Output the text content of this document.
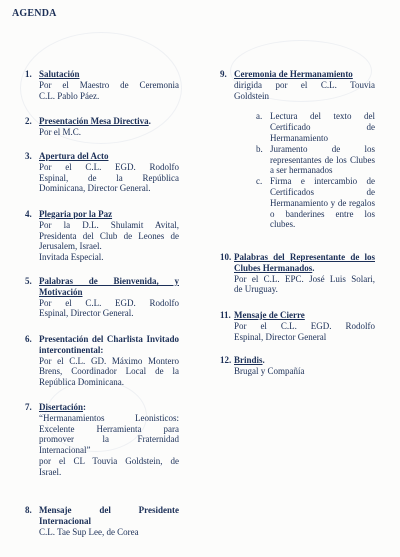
AGENDA
1. Salutación
Por el Maestro de Ceremonia
C.L. Pablo Páez.
2. Presentación Mesa Directiva.
Por el M.C.
3. Apertura del Acto
Por el C.L. EGD. Rodolfo
Espinal, de la República
Dominicana, Director General.
4. Plegaria por la Paz
Por la D.L. Shulamit Avital,
Presidenta del Club de Leones de
Jerusalem, Israel.
Invitada Especial.
5. Palabras de Bienvenida, y Motivación
Por el C.L. EGD. Rodolfo
Espinal, Director General.
6. Presentación del Charlista Invitado intercontinental:
Por el C.L. GD. Máximo Montero
Brens, Coordinador Local de la
República Dominicana.
7. Disertación:
“Hermanamientos Leonisticos:
Excelente Herramienta para
promover la Fraternidad
Internacional”
por el CL Touvia Goldstein, de
Israel.
8. Mensaje del Presidente Internacional
C.L. Tae Sup Lee, de Corea
9. Ceremonia de Hermanamiento
dirigida por el C.L. Touvia
Goldstein
a. Lectura del texto del Certificado de Hermanamiento
b. Juramento de los representantes de los Clubes a ser hermanados
c. Firma e intercambio de Certificados de Hermanamiento y de regalos o banderines entre los clubes.
10. Palabras del Representante de los Clubes Hermanados.
Por el C.L. EPC. José Luis Solari,
de Uruguay.
11. Mensaje de Cierre
Por el C.L. EGD. Rodolfo
Espinal, Director General
12. Brindis.
Brugal y Compañía
